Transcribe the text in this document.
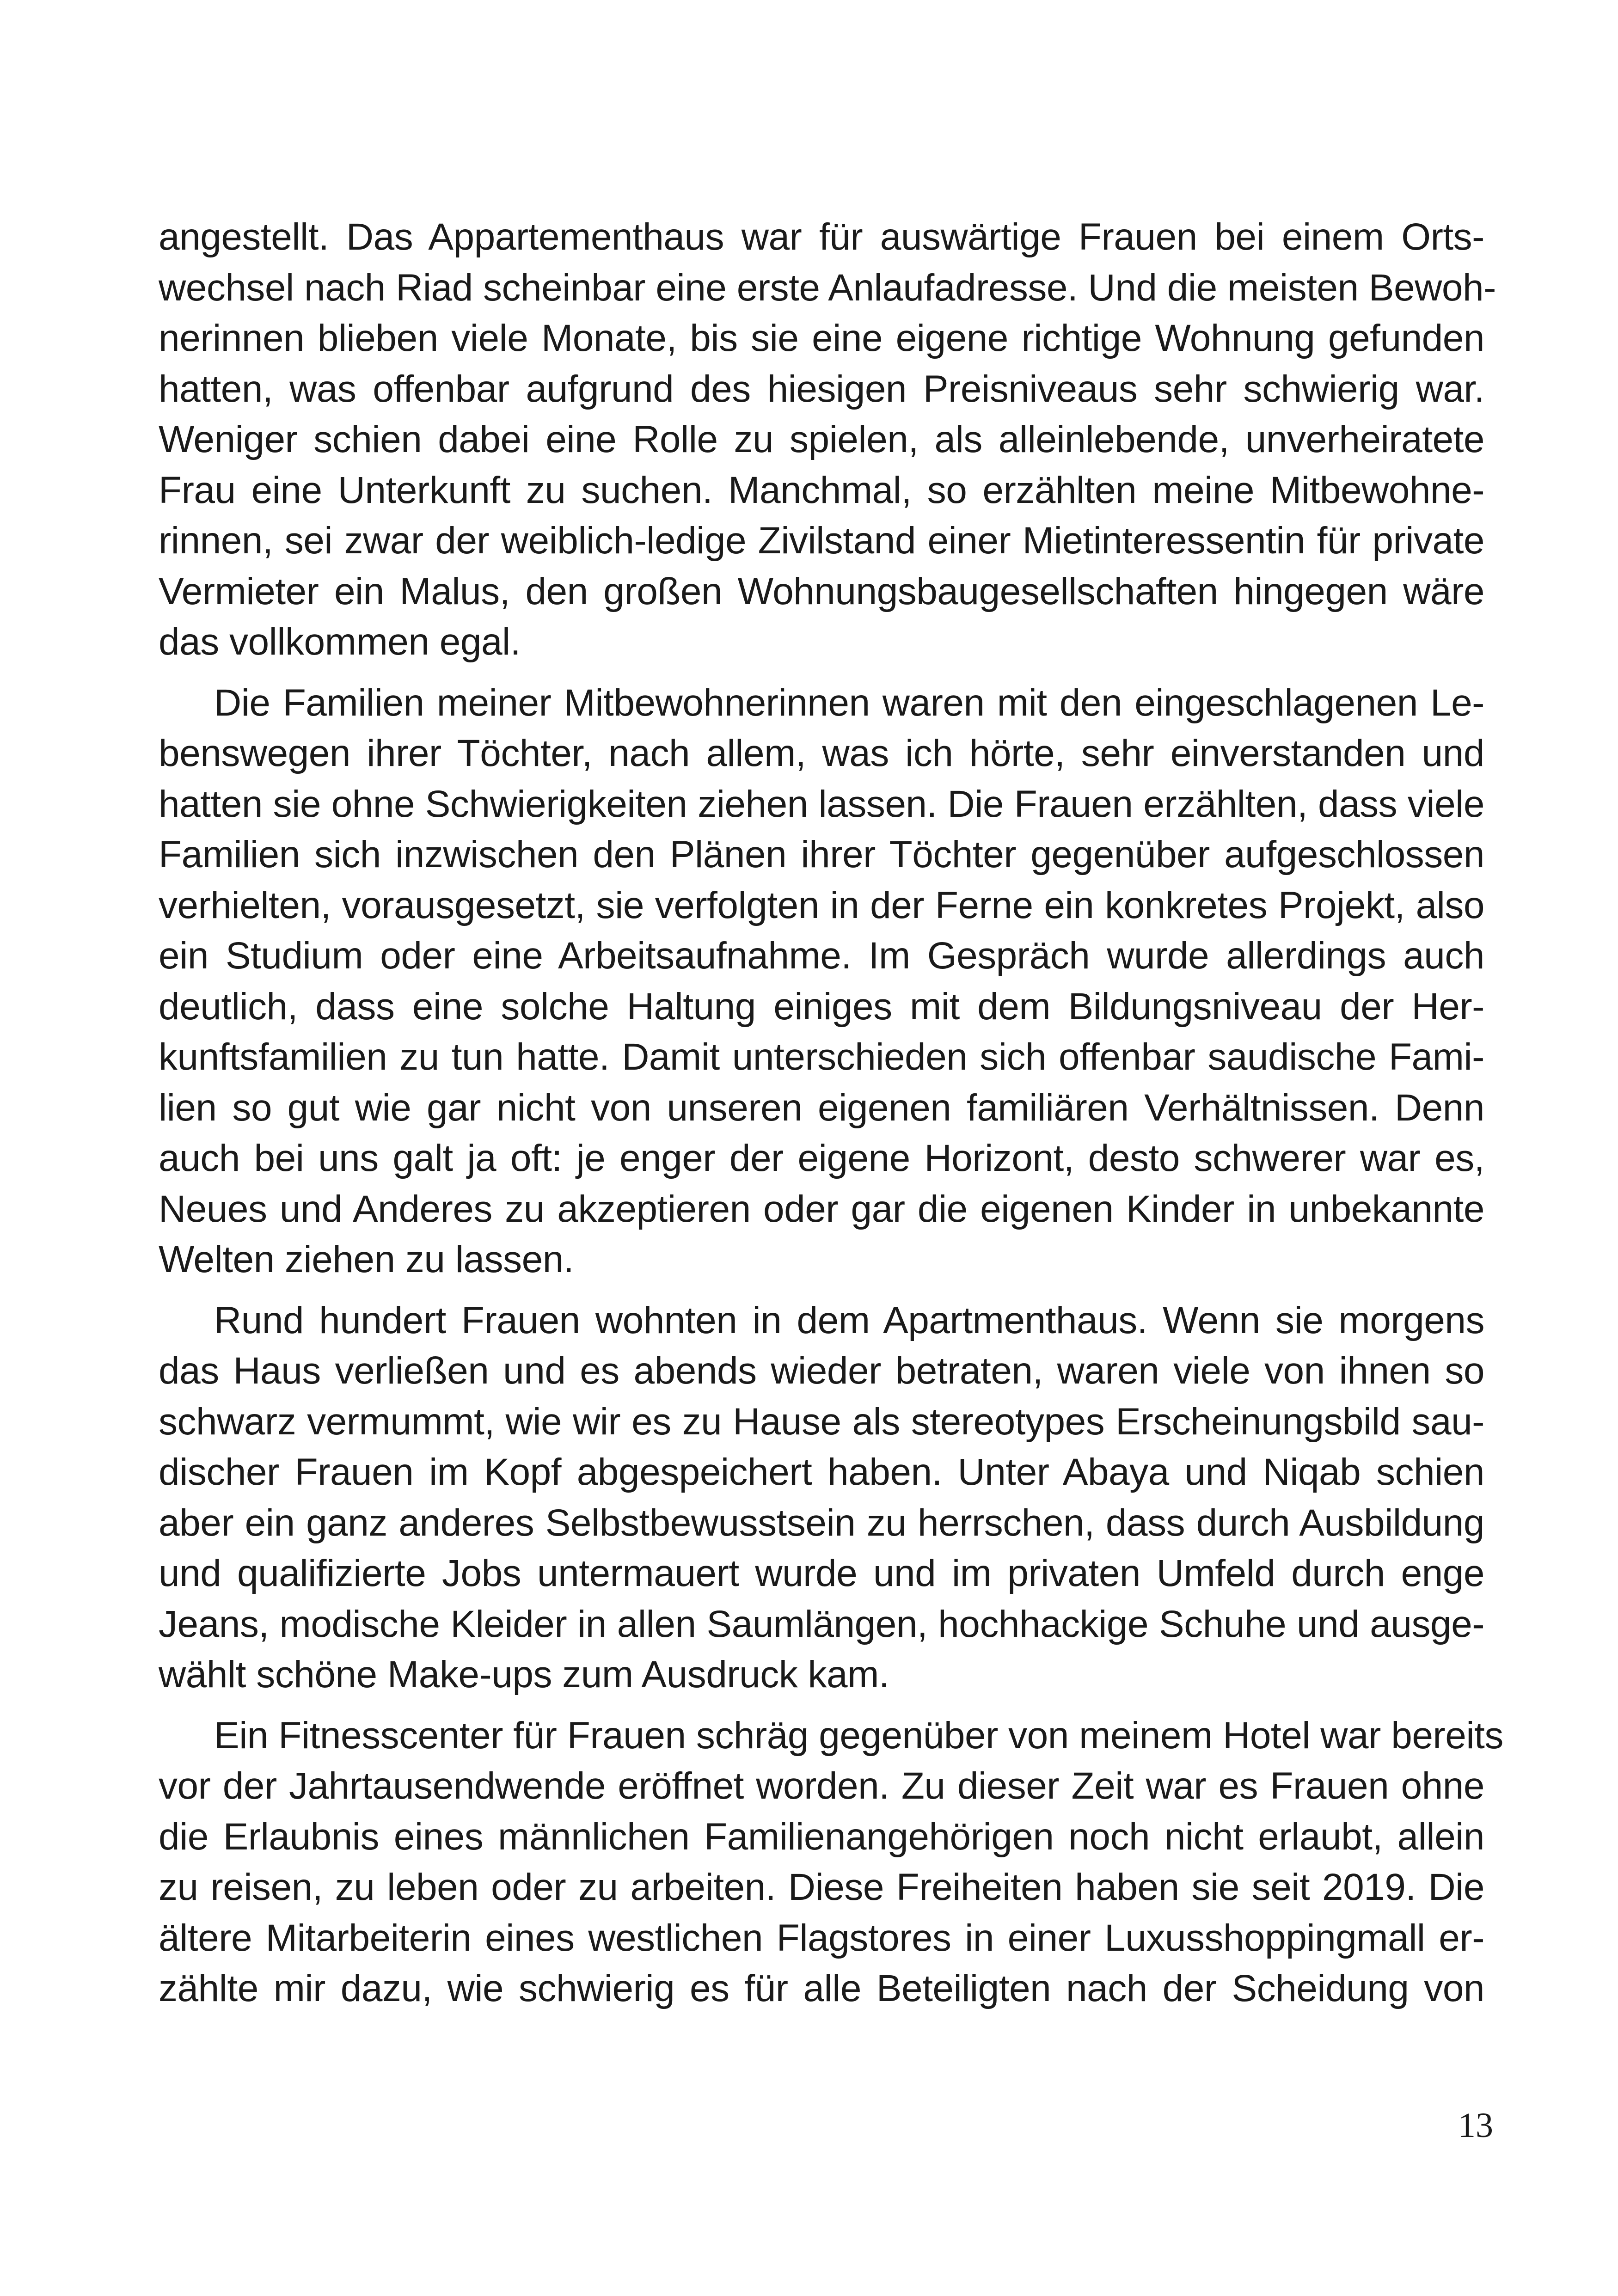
angestellt. Das Appartementhaus war für auswärtige Frauen bei einem Orts-
wechsel nach Riad scheinbar eine erste Anlaufadresse. Und die meisten Bewoh-
nerinnen blieben viele Monate, bis sie eine eigene richtige Wohnung gefunden
hatten, was offenbar aufgrund des hiesigen Preisniveaus sehr schwierig war.
Weniger schien dabei eine Rolle zu spielen, als alleinlebende, unverheiratete
Frau eine Unterkunft zu suchen. Manchmal, so erzählten meine Mitbewohne-
rinnen, sei zwar der weiblich-ledige Zivilstand einer Mietinteressentin für private
Vermieter ein Malus, den großen Wohnungsbaugesellschaften hingegen wäre
das vollkommen egal.
Die Familien meiner Mitbewohnerinnen waren mit den eingeschlagenen Le-
benswegen ihrer Töchter, nach allem, was ich hörte, sehr einverstanden und
hatten sie ohne Schwierigkeiten ziehen lassen. Die Frauen erzählten, dass viele
Familien sich inzwischen den Plänen ihrer Töchter gegenüber aufgeschlossen
verhielten, vorausgesetzt, sie verfolgten in der Ferne ein konkretes Projekt, also
ein Studium oder eine Arbeitsaufnahme. Im Gespräch wurde allerdings auch
deutlich, dass eine solche Haltung einiges mit dem Bildungsniveau der Her-
kunftsfamilien zu tun hatte. Damit unterschieden sich offenbar saudische Fami-
lien so gut wie gar nicht von unseren eigenen familiären Verhältnissen. Denn
auch bei uns galt ja oft: je enger der eigene Horizont, desto schwerer war es,
Neues und Anderes zu akzeptieren oder gar die eigenen Kinder in unbekannte
Welten ziehen zu lassen.
Rund hundert Frauen wohnten in dem Apartmenthaus. Wenn sie morgens
das Haus verließen und es abends wieder betraten, waren viele von ihnen so
schwarz vermummt, wie wir es zu Hause als stereotypes Erscheinungsbild sau-
discher Frauen im Kopf abgespeichert haben. Unter Abaya und Niqab schien
aber ein ganz anderes Selbstbewusstsein zu herrschen, dass durch Ausbildung
und qualifizierte Jobs untermauert wurde und im privaten Umfeld durch enge
Jeans, modische Kleider in allen Saumlängen, hochhackige Schuhe und ausge-
wählt schöne Make-ups zum Ausdruck kam.
Ein Fitnesscenter für Frauen schräg gegenüber von meinem Hotel war bereits
vor der Jahrtausendwende eröffnet worden. Zu dieser Zeit war es Frauen ohne
die Erlaubnis eines männlichen Familienangehörigen noch nicht erlaubt, allein
zu reisen, zu leben oder zu arbeiten. Diese Freiheiten haben sie seit 2019. Die
ältere Mitarbeiterin eines westlichen Flagstores in einer Luxusshoppingmall er-
zählte mir dazu, wie schwierig es für alle Beteiligten nach der Scheidung von
13
